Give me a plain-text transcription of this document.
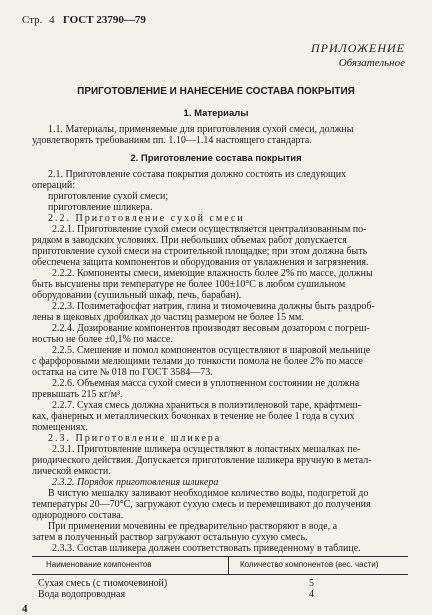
Стр. 4 ГОСТ 23790—79
ПРИЛОЖЕНИЕ
Обязательное
ПРИГОТОВЛЕНИЕ И НАНЕСЕНИЕ СОСТАВА ПОКРЫТИЯ
1. Материалы
1.1. Материалы, применяемые для приготовления сухой смеси, должны
удовлетворять требованиям пп. 1.10—1.14 настоящего стандарта.
2. Приготовление состава покрытия
2.1. Приготовление состава покрытия должно состоять из следующих
операций:
приготовление сухой смеси;
приготовление шликера.
2.2. Приготовление сухой смеси
2.2.1. Приготовление сухой смеси осуществляется централизованным по-
рядком в заводских условиях. При небольших объемах работ допускается
приготовление сухой смеси на строительной площадке; при этом должна быть
обеспечена защита компонентов и оборудования от увлажнения и загрязнения.
2.2.2. Компоненты смеси, имеющие влажность более 2% по массе, должны
быть высушены при температуре не более 100±10°С в любом сушильном
оборудовании (сушильный шкаф, печь, барабан).
2.2.3. Полиметафосфат натрия, глина и тиомочевина должны быть раздроб-
лены в щековых дробилках до частиц размером не более 15 мм.
2.2.4. Дозирование компонентов производят весовым дозатором с погреш-
ностью не более ±0,1% по массе.
2.2.5. Смешение и помол компонентов осуществляют в шаровой мельнице
с фарфоровыми мелющими телами до тонкости помола не более 2% по массе
остатка на сите № 018 по ГОСТ 3584—73.
2.2.6. Объемная масса сухой смеси в уплотненном состоянии не должна
превышать 215 кг/м³.
2.2.7. Сухая смесь должна храниться в полиэтиленовой таре, крафтмеш-
ках, фанерных и металлических бочонках в течение не более 1 года в сухих
помещениях.
2.3. Приготовление шликера
2.3.1. Приготовление шликера осуществляют в лопастных мешалках пе-
риодического действия. Допускается приготовление шликера вручную в метал-
лической емкости.
2.3.2. Порядок приготовления шликера
В чистую мешалку заливают необходимое количество воды, подогретой до
температуры 20—70°С, загружают сухую смесь и перемешивают до получения
однородного состава.
Наименование компонентов	Количество компонентов (вес. части)
Сухая смесь (с тиомочевиной)	5
Вода водопроводная	4
При применении мочевины ее предварительно растворяют в воде, а
затем в полученный раствор загружают остальную сухую смесь.
2.3.3. Состав шликера должен соответствовать приведенному в таблице.
4
